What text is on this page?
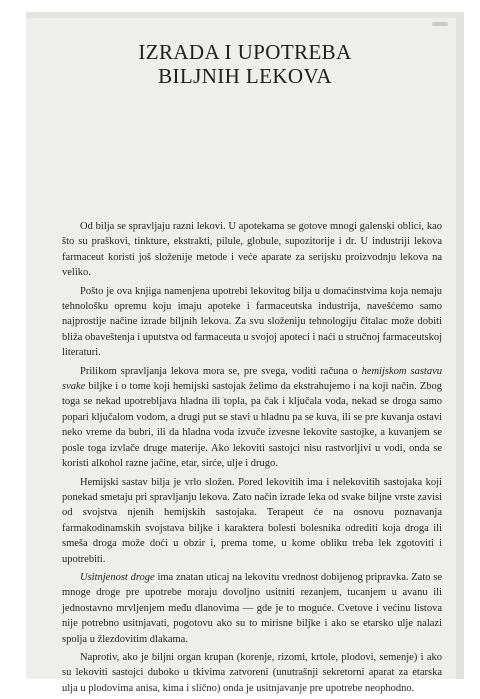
IZRADA I UPOTREBA
BILJNIH LEKOVA

Od bilja se spravljaju razni lekovi. U apotekama se gotove mnogi galenski oblici, kao što su praškovi, tinkture, ekstrakti, pilule, globule, supozitorije i dr. U industriji lekova farmaceut koristi još složenije metode i veće aparate za serijsku proizvodnju lekova na veliko.

Pošto je ova knjiga namenjena upotrebi lekovitog bilja u domaćinstvima koja nemaju tehnološku opremu koju imaju apoteke i farmaceutska industrija, navešćemo samo najprostije načine izrade biljnih lekova. Za svu složeniju tehnologiju čitalac može dobiti bliža obaveštenja i uputstva od farmaceuta u svojoj apoteci i naći u stručnoj farmaceutskoj literaturi.

Prilikom spravljanja lekova mora se, pre svega, voditi računa o hemijskom sastavu svake biljke i o tome koji hemijski sastojak želimo da ekstrahujemo i na koji način. Zbog toga se nekad upotrebljava hladna ili topla, pa čak i ključala voda, nekad se droga samo popari ključalom vodom, a drugi put se stavi u hladnu pa se kuva, ili se pre kuvanja ostavi neko vreme da bubri, ili da hladna voda izvuče izvesne lekovite sastojke, a kuvanjem se posle toga izvlače druge materije. Ako lekoviti sastojci nisu rastvorljivi u vodi, onda se koristi alkohol razne jačine, etar, sirće, ulje i drugo.

Hemijski sastav bilja je vrlo složen. Pored lekovitih ima i nelekovitih sastojaka koji ponekad smetaju pri spravljanju lekova. Zato način izrade leka od svake biljne vrste zavisi od svojstva njenih hemijskih sastojaka. Terapeut će na osnovu poznavanja farmakodinamskih svojstava biljke i karaktera bolesti bolesnika odrediti koja droga ili smeša droga može doći u obzir i, prema tome, u kome obliku treba lek zgotoviti i upotrebiti.

Usitnjenost droge ima znatan uticaj na lekovitu vrednost dobijenog pripravka. Zato se mnoge droge pre upotrebe moraju dovoljno usitniti rezanjem, tucanjem u avanu ili jednostavno mrvljenjem među dlanovima — gde je to moguće. Cvetove i većinu listova nije potrebno usitnjavati, pogotovu ako su to mirisne biljke i ako se etarsko ulje nalazi spolja u žlezdovitim dlakama.

Naprotiv, ako je biljni organ krupan (korenje, rizomi, krtole, plodovi, semenje) i ako su lekoviti sastojci duboko u tkivima zatvoreni (unutrašnji sekretorni aparat za etarska ulja u plodovima anisa, kima i slično) onda je usitnjavanje pre upotrebe neophodno.
